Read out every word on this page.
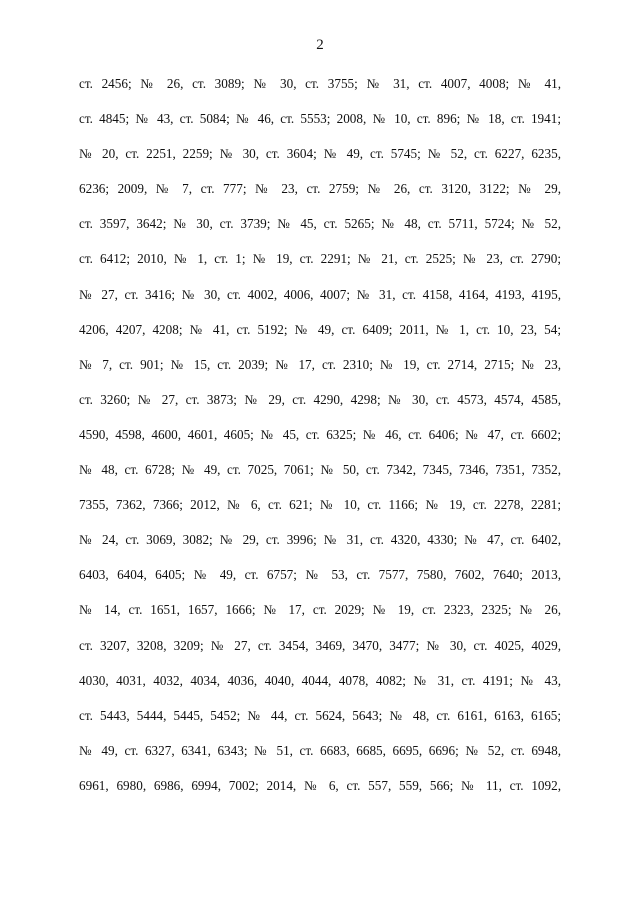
2
ст. 2456; № 26, ст. 3089; № 30, ст. 3755; № 31, ст. 4007, 4008; № 41,
ст. 4845; № 43, ст. 5084; № 46, ст. 5553; 2008, № 10, ст. 896; № 18, ст. 1941;
№ 20, ст. 2251, 2259; № 30, ст. 3604; № 49, ст. 5745; № 52, ст. 6227, 6235,
6236; 2009, № 7, ст. 777; № 23, ст. 2759; № 26, ст. 3120, 3122; № 29,
ст. 3597, 3642; № 30, ст. 3739; № 45, ст. 5265; № 48, ст. 5711, 5724; № 52,
ст. 6412; 2010, № 1, ст. 1; № 19, ст. 2291; № 21, ст. 2525; № 23, ст. 2790;
№ 27, ст. 3416; № 30, ст. 4002, 4006, 4007; № 31, ст. 4158, 4164, 4193, 4195,
4206, 4207, 4208; № 41, ст. 5192; № 49, ст. 6409; 2011, № 1, ст. 10, 23, 54;
№ 7, ст. 901; № 15, ст. 2039; № 17, ст. 2310; № 19, ст. 2714, 2715; № 23,
ст. 3260; № 27, ст. 3873; № 29, ст. 4290, 4298; № 30, ст. 4573, 4574, 4585,
4590, 4598, 4600, 4601, 4605; № 45, ст. 6325; № 46, ст. 6406; № 47, ст. 6602;
№ 48, ст. 6728; № 49, ст. 7025, 7061; № 50, ст. 7342, 7345, 7346, 7351, 7352,
7355, 7362, 7366; 2012, № 6, ст. 621; № 10, ст. 1166; № 19, ст. 2278, 2281;
№ 24, ст. 3069, 3082; № 29, ст. 3996; № 31, ст. 4320, 4330; № 47, ст. 6402,
6403, 6404, 6405; № 49, ст. 6757; № 53, ст. 7577, 7580, 7602, 7640; 2013,
№ 14, ст. 1651, 1657, 1666; № 17, ст. 2029; № 19, ст. 2323, 2325; № 26,
ст. 3207, 3208, 3209; № 27, ст. 3454, 3469, 3470, 3477; № 30, ст. 4025, 4029,
4030, 4031, 4032, 4034, 4036, 4040, 4044, 4078, 4082; № 31, ст. 4191; № 43,
ст. 5443, 5444, 5445, 5452; № 44, ст. 5624, 5643; № 48, ст. 6161, 6163, 6165;
№ 49, ст. 6327, 6341, 6343; № 51, ст. 6683, 6685, 6695, 6696; № 52, ст. 6948,
6961, 6980, 6986, 6994, 7002; 2014, № 6, ст. 557, 559, 566; № 11, ст. 1092,
